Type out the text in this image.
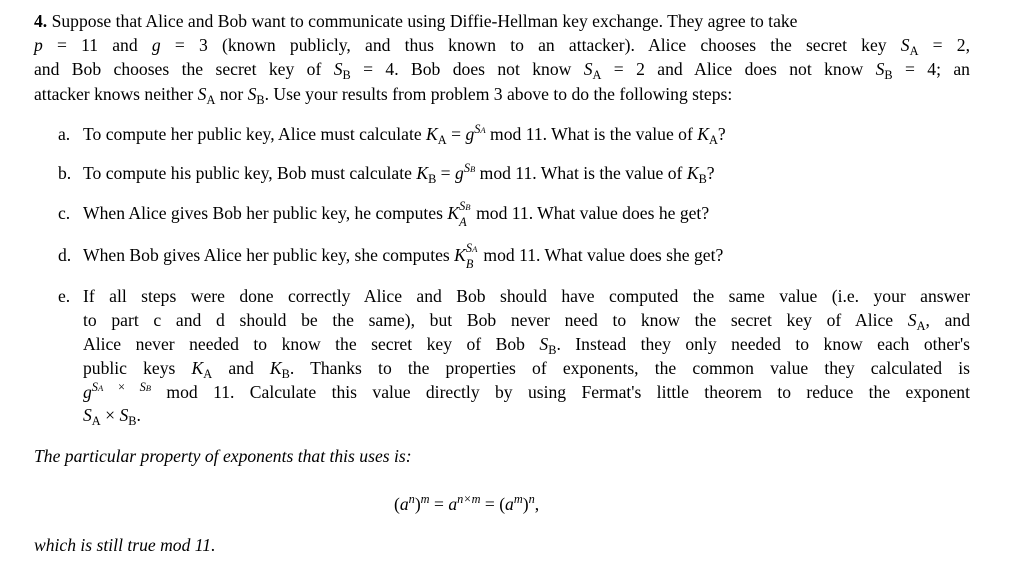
4. Suppose that Alice and Bob want to communicate using Diffie-Hellman key exchange. They agree to take
p = 11 and g = 3 (known publicly, and thus known to an attacker). Alice chooses the secret key $S_A = 2$,
and Bob chooses the secret key of $S_B = 4$. Bob does not know $S_A = 2$ and Alice does not know $S_B = 4$; an
attacker knows neither $S_A$ nor $S_B$. Use your results from problem 3 above to do the following steps:
a. To compute her public key, Alice must calculate $K_A = g^{SA}$ mod 11. What is the value of $K_A$?
b. To compute his public key, Bob must calculate $K_B = g^{SB}$ mod 11. What is the value of $K_B$?
c. When Alice gives Bob her public key, he computes K SB
A mod 11. What value does he get?
d. When Bob gives Alice her public key, she computes K SA
B mod 11. What value does she get?
e. If all steps were done correctly Alice and Bob should have computed the same value (i.e. your answer
to part c and d should be the same), but Bob never need to know the secret key of Alice $S_A$, and
Alice never needed to know the secret key of Bob $S_B$. Instead they only needed to know each other's
public keys $K_A$ and $K_B$. Thanks to the properties of exponents, the common value they calculated is
$g^{SA \times SB}$ mod 11. Calculate this value directly by using Fermat's little theorem to reduce the exponent
$S_A \times S_B$.
The particular property of exponents that this uses is:
$(a^n)^m = a^{n\times m} = (a^m)^n$,
which is still true mod 11.
